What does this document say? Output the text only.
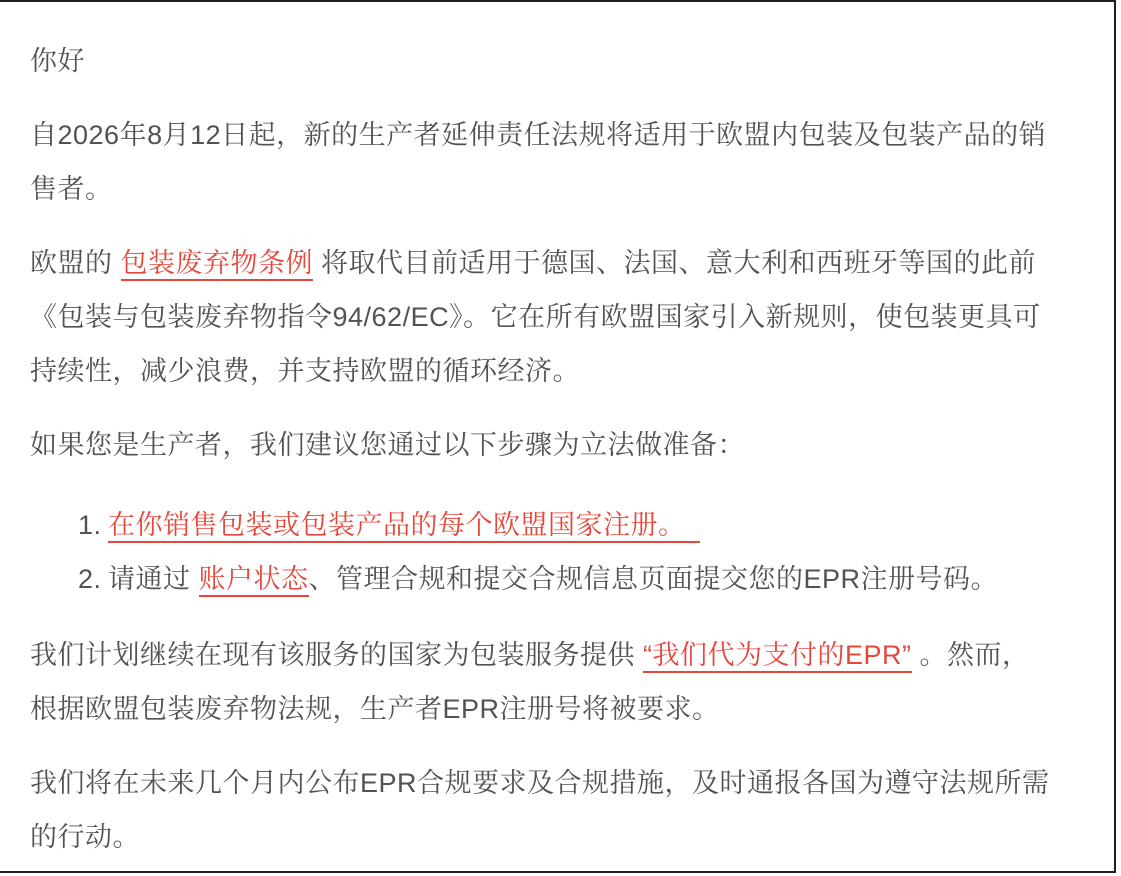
你好

自2026年8月12日起，新的生产者延伸责任法规将适用于欧盟内包装及包装产品的销售者。

欧盟的 包装废弃物条例 将取代目前适用于德国、法国、意大利和西班牙等国的此前《包装与包装废弃物指令94/62/EC》。它在所有欧盟国家引入新规则，使包装更具可持续性，减少浪费，并支持欧盟的循环经济。

如果您是生产者，我们建议您通过以下步骤为立法做准备：

1. 在你销售包装或包装产品的每个欧盟国家注册。
2. 请通过 账户状态、管理合规和提交合规信息页面提交您的EPR注册号码。

我们计划继续在现有该服务的国家为包装服务提供 “我们代为支付的EPR” 。然而，根据欧盟包装废弃物法规，生产者EPR注册号将被要求。

我们将在未来几个月内公布EPR合规要求及合规措施，及时通报各国为遵守法规所需的行动。
